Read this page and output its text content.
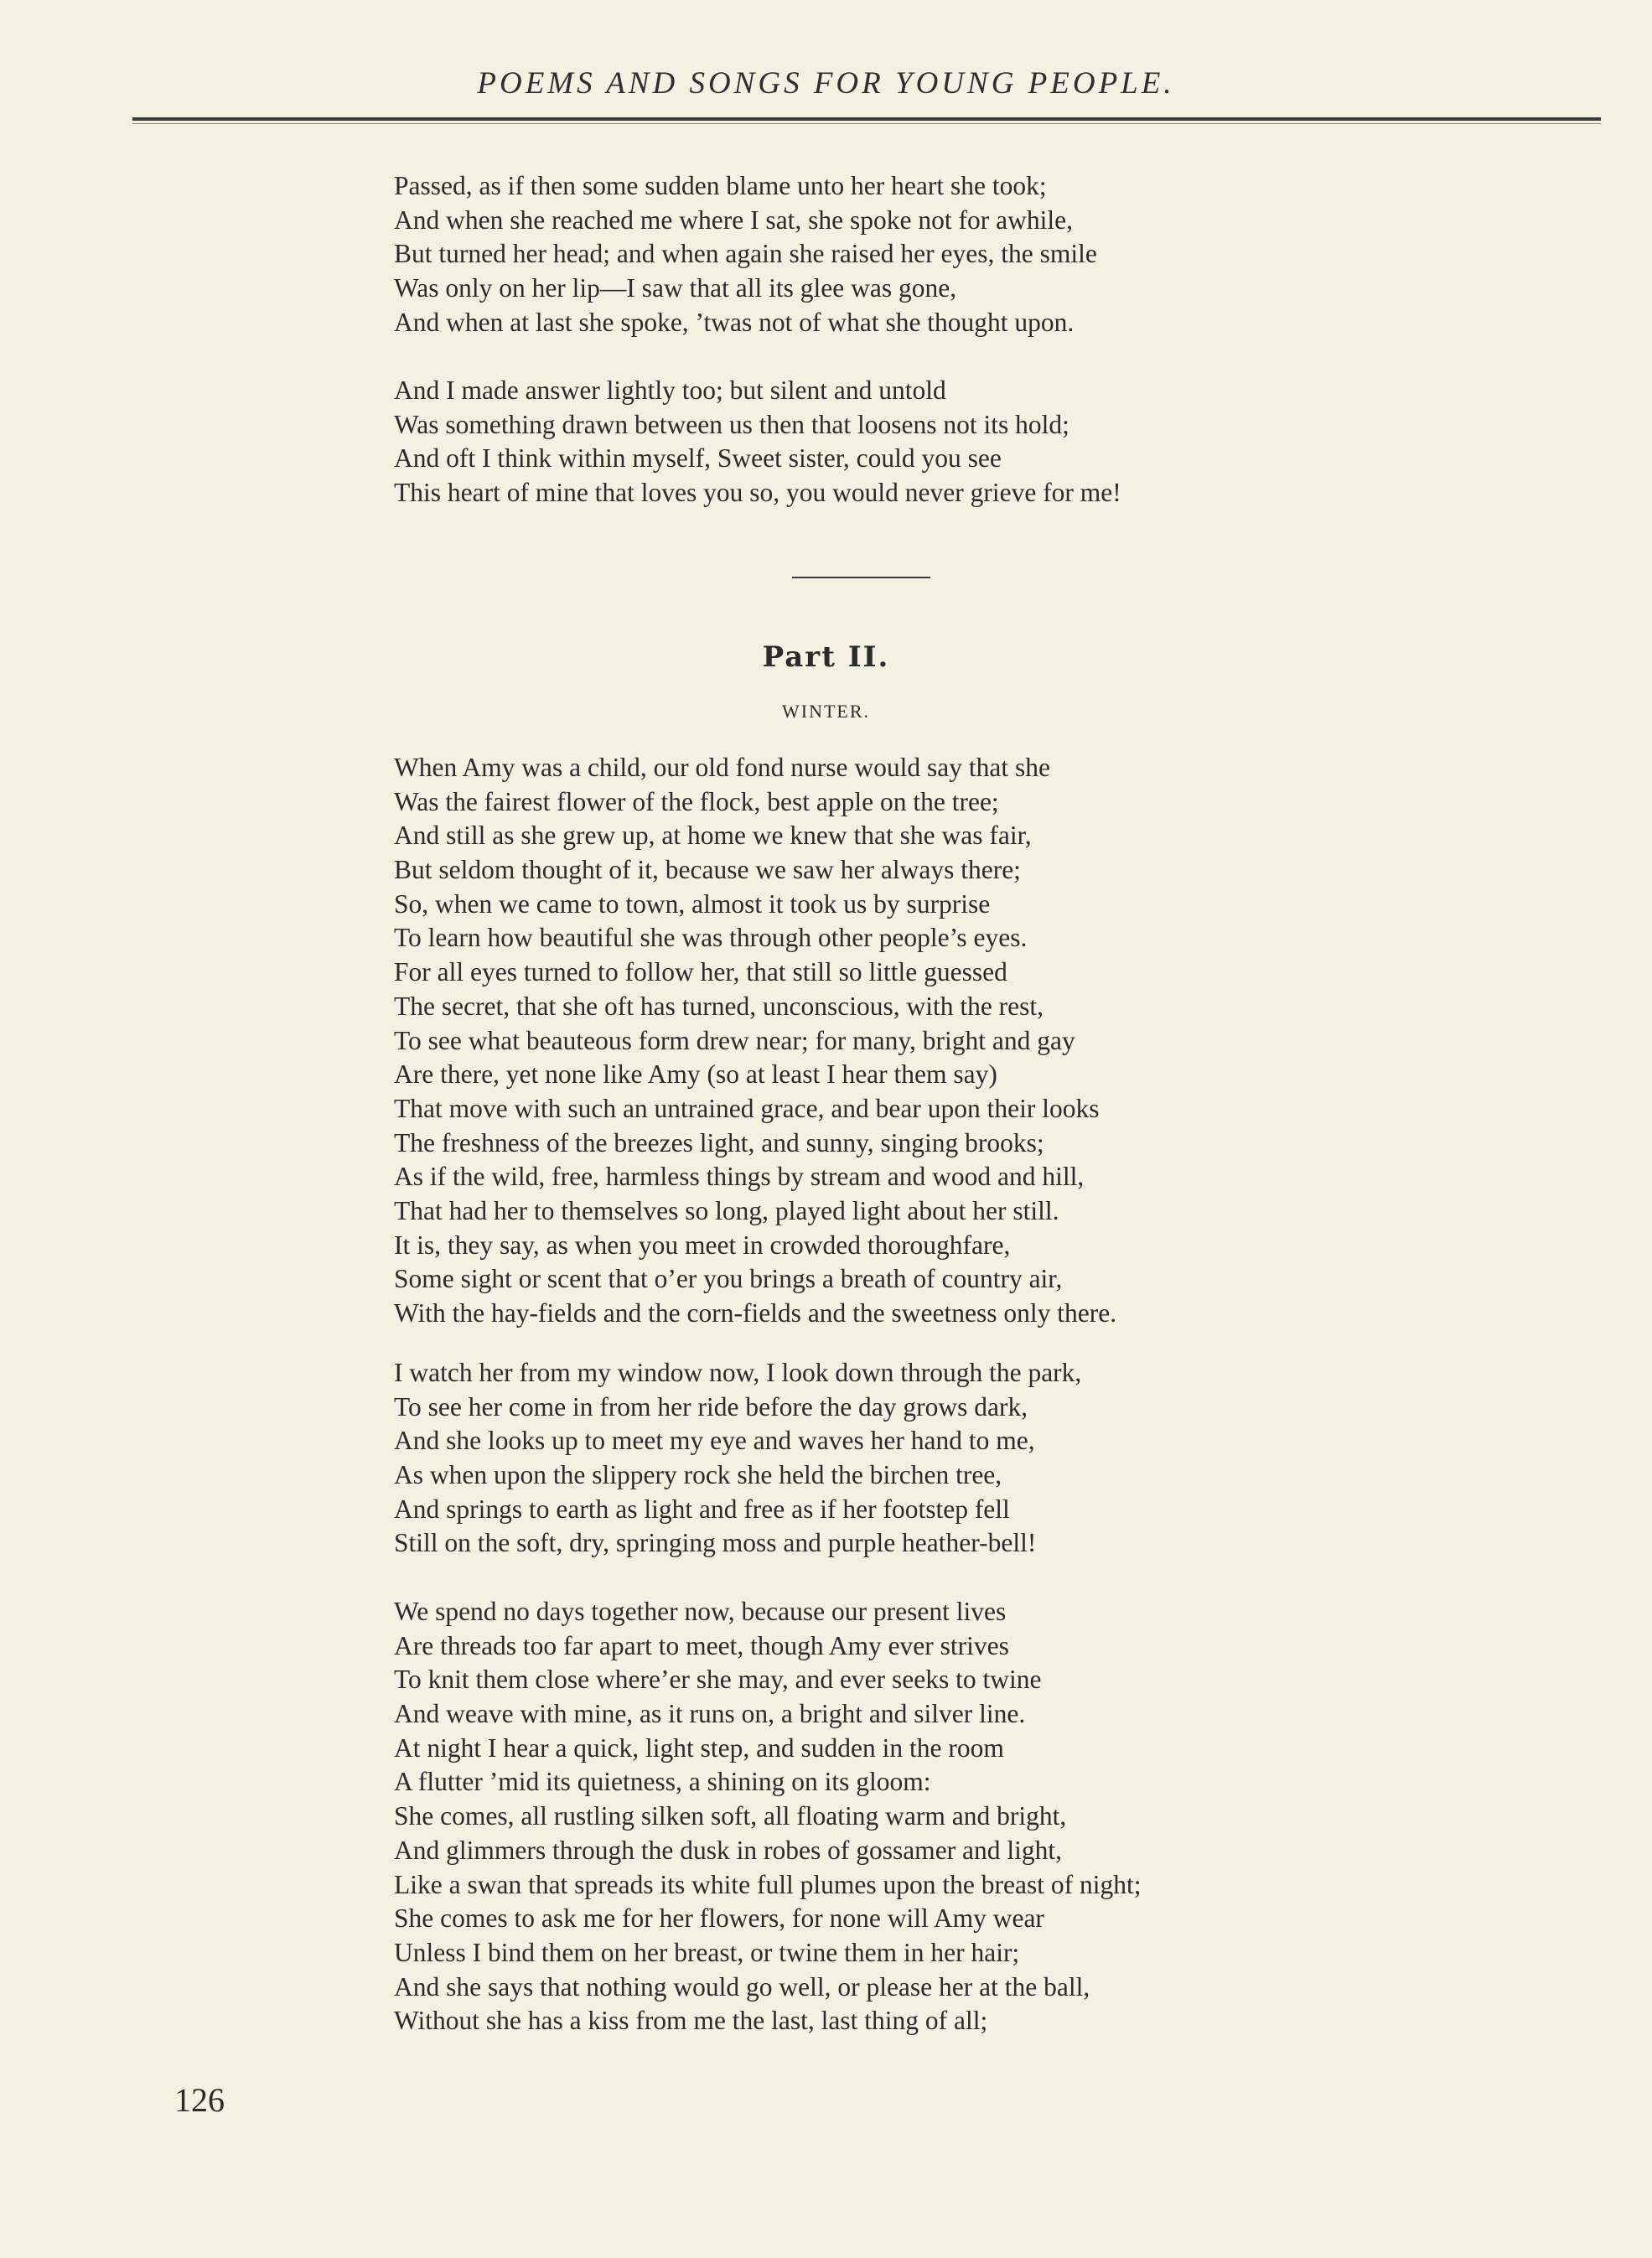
POEMS AND SONGS FOR YOUNG PEOPLE.
Passed, as if then some sudden blame unto her heart she took;
And when she reached me where I sat, she spoke not for awhile,
But turned her head; and when again she raised her eyes, the smile
Was only on her lip—I saw that all its glee was gone,
And when at last she spoke, ’twas not of what she thought upon.
And I made answer lightly too; but silent and untold
Was something drawn between us then that loosens not its hold;
And oft I think within myself, Sweet sister, could you see
This heart of mine that loves you so, you would never grieve for me!
Part II.
WINTER.
When Amy was a child, our old fond nurse would say that she
Was the fairest flower of the flock, best apple on the tree;
And still as she grew up, at home we knew that she was fair,
But seldom thought of it, because we saw her always there;
So, when we came to town, almost it took us by surprise
To learn how beautiful she was through other people’s eyes.
For all eyes turned to follow her, that still so little guessed
The secret, that she oft has turned, unconscious, with the rest,
To see what beauteous form drew near; for many, bright and gay
Are there, yet none like Amy (so at least I hear them say)
That move with such an untrained grace, and bear upon their looks
The freshness of the breezes light, and sunny, singing brooks;
As if the wild, free, harmless things by stream and wood and hill,
That had her to themselves so long, played light about her still.
It is, they say, as when you meet in crowded thoroughfare,
Some sight or scent that o’er you brings a breath of country air,
With the hay-fields and the corn-fields and the sweetness only there.
I watch her from my window now, I look down through the park,
To see her come in from her ride before the day grows dark,
And she looks up to meet my eye and waves her hand to me,
As when upon the slippery rock she held the birchen tree,
And springs to earth as light and free as if her footstep fell
Still on the soft, dry, springing moss and purple heather-bell!
We spend no days together now, because our present lives
Are threads too far apart to meet, though Amy ever strives
To knit them close where’er she may, and ever seeks to twine
And weave with mine, as it runs on, a bright and silver line.
At night I hear a quick, light step, and sudden in the room
A flutter ’mid its quietness, a shining on its gloom:
She comes, all rustling silken soft, all floating warm and bright,
And glimmers through the dusk in robes of gossamer and light,
Like a swan that spreads its white full plumes upon the breast of night;
She comes to ask me for her flowers, for none will Amy wear
Unless I bind them on her breast, or twine them in her hair;
And she says that nothing would go well, or please her at the ball,
Without she has a kiss from me the last, last thing of all;
126
